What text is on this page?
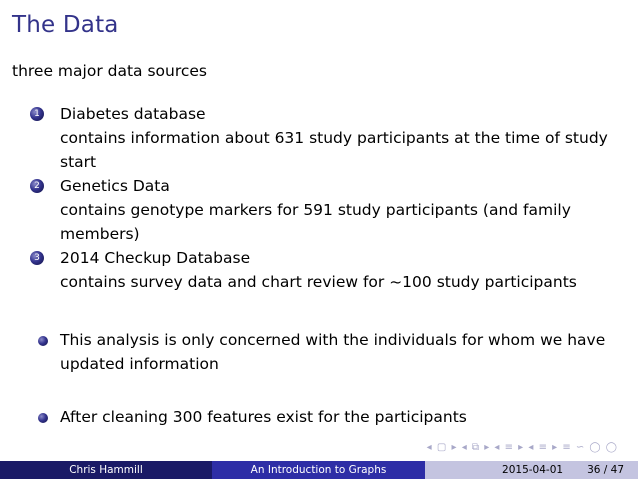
The Data
three major data sources
1 Diabetes database
contains information about 631 study participants at the time of study start
2 Genetics Data
contains genotype markers for 591 study participants (and family members)
3 2014 Checkup Database
contains survey data and chart review for ~100 study participants
This analysis is only concerned with the individuals for whom we have updated information
After cleaning 300 features exist for the participants
◂ ▢ ▸ ◂ ⧉ ▸ ◂ ≡ ▸ ◂ ≡ ▸ ≡ ∽ ◯ ◯
Chris Hammill	An Introduction to Graphs	2015-04-01 36 / 47
